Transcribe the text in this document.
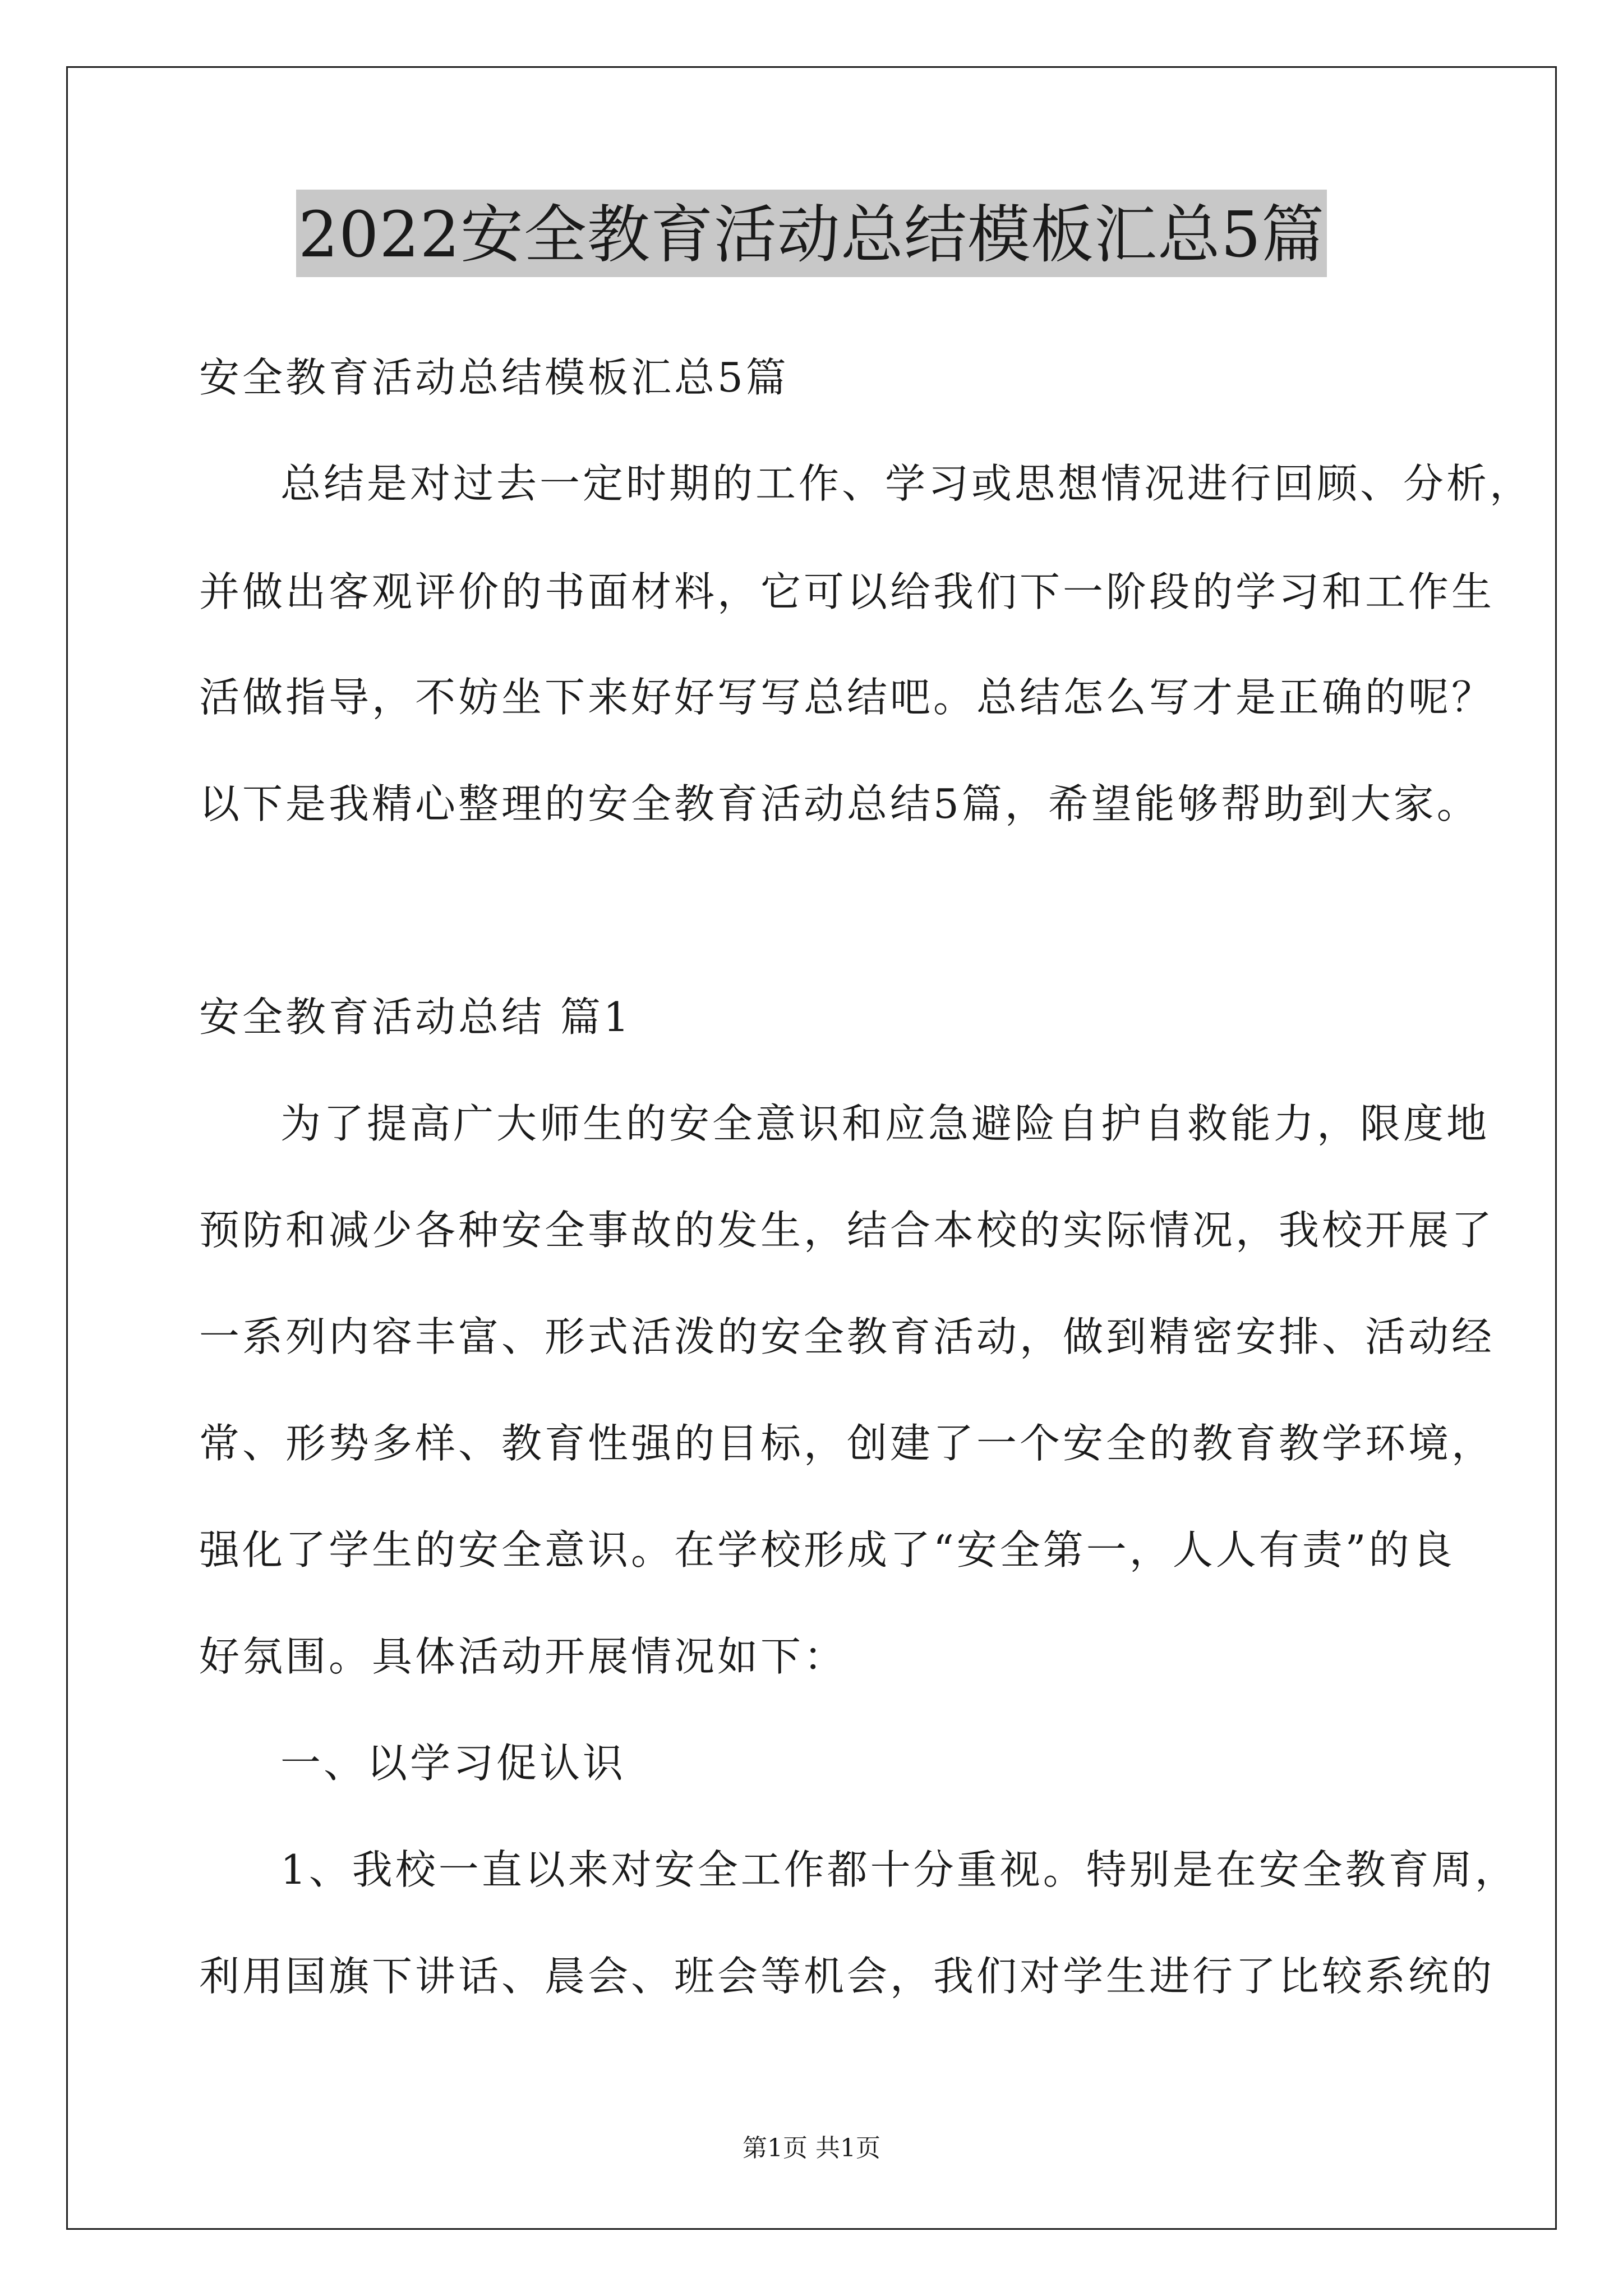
2022安全教育活动总结模板汇总5篇
安全教育活动总结模板汇总5篇
总结是对过去一定时期的工作、学习或思想情况进行回顾、分析，
并做出客观评价的书面材料，它可以给我们下一阶段的学习和工作生
活做指导，不妨坐下来好好写写总结吧。总结怎么写才是正确的呢？
以下是我精心整理的安全教育活动总结5篇，希望能够帮助到大家。
安全教育活动总结 篇1
为了提高广大师生的安全意识和应急避险自护自救能力，限度地
预防和减少各种安全事故的发生，结合本校的实际情况，我校开展了
一系列内容丰富、形式活泼的安全教育活动，做到精密安排、活动经
常、形势多样、教育性强的目标，创建了一个安全的教育教学环境，
强化了学生的安全意识。在学校形成了“安全第一，人人有责”的良
好氛围。具体活动开展情况如下：
一、以学习促认识
1、我校一直以来对安全工作都十分重视。特别是在安全教育周，
利用国旗下讲话、晨会、班会等机会，我们对学生进行了比较系统的
第1页 共1页
